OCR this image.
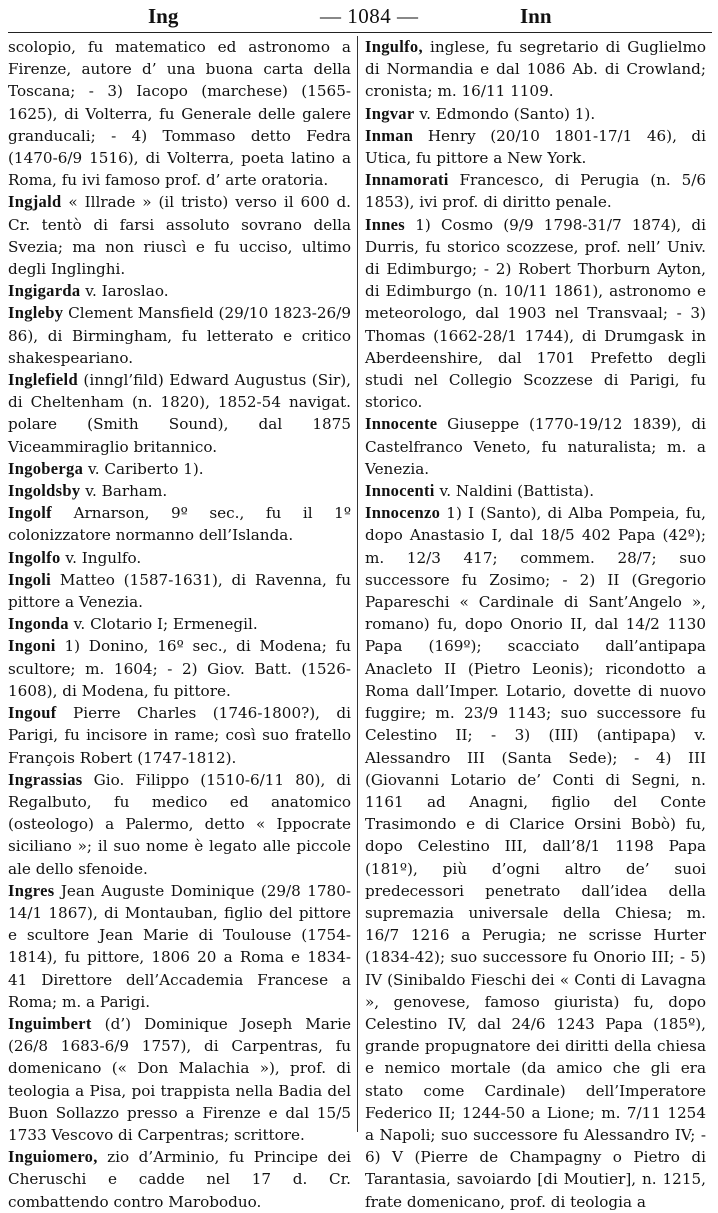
Ing	— 1084 —	Inn

scolopio, fu matematico ed astronomo a Firenze, autore d’ una buona carta della Toscana; - 3) Iacopo (marchese) (1565-1625), di Volterra, fu Generale delle galere granducali; - 4) Tommaso detto Fedra (1470-6/9 1516), di Volterra, poeta latino a Roma, fu ivi famoso prof. d’ arte oratoria.

Ingjald « Illrade » (il tristo) verso il 600 d. Cr. tentò di farsi assoluto sovrano della Svezia; ma non riuscì e fu ucciso, ultimo degli Inglinghi.

Ingigarda v. Iaroslao.

Ingleby Clement Mansfield (29/10 1823-26/9 86), di Birmingham, fu letterato e critico shakespeariano.

Inglefield (inngl’fild) Edward Augustus (Sir), di Cheltenham (n. 1820), 1852-54 navigat. polare (Smith Sound), dal 1875 Viceammiraglio britannico.

Ingoberga v. Cariberto 1).

Ingoldsby v. Barham.

Ingolf Arnarson, 9º sec., fu il 1º colonizzatore normanno dell’Islanda.

Ingolfo v. Ingulfo.

Ingoli Matteo (1587-1631), di Ravenna, fu pittore a Venezia.

Ingonda v. Clotario I; Ermenegil.

Ingoni 1) Donino, 16º sec., di Modena; fu scultore; m. 1604; - 2) Giov. Batt. (1526-1608), di Modena, fu pittore.

Ingouf Pierre Charles (1746-1800?), di Parigi, fu incisore in rame; così suo fratello François Robert (1747-1812).

Ingrassias Gio. Filippo (1510-6/11 80), di Regalbuto, fu medico ed anatomico (osteologo) a Palermo, detto « Ippocrate siciliano »; il suo nome è legato alle piccole ale dello sfenoide.

Ingres Jean Auguste Dominique (29/8 1780-14/1 1867), di Montauban, figlio del pittore e scultore Jean Marie di Toulouse (1754-1814), fu pittore, 1806 20 a Roma e 1834-41 Direttore dell’Accademia Francese a Roma; m. a Parigi.

Inguimbert (d’) Dominique Joseph Marie (26/8 1683-6/9 1757), di Carpentras, fu domenicano (« Don Malachia »), prof. di teologia a Pisa, poi trappista nella Badia del Buon Sollazzo presso a Firenze e dal 15/5 1733 Vescovo di Carpentras; scrittore.

Inguiomero, zio d’Arminio, fu Principe dei Cheruschi e cadde nel 17 d. Cr. combattendo contro Maroboduo.

Ingulfo, inglese, fu segretario di Guglielmo di Normandia e dal 1086 Ab. di Crowland; cronista; m. 16/11 1109.

Ingvar v. Edmondo (Santo) 1).

Inman Henry (20/10 1801-17/1 46), di Utica, fu pittore a New York.

Innamorati Francesco, di Perugia (n. 5/6 1853), ivi prof. di diritto penale.

Innes 1) Cosmo (9/9 1798-31/7 1874), di Durris, fu storico scozzese, prof. nell’ Univ. di Edimburgo; - 2) Robert Thorburn Ayton, di Edimburgo (n. 10/11 1861), astronomo e meteorologo, dal 1903 nel Transvaal; - 3) Thomas (1662-28/1 1744), di Drumgask in Aberdeenshire, dal 1701 Prefetto degli studi nel Collegio Scozzese di Parigi, fu storico.

Innocente Giuseppe (1770-19/12 1839), di Castelfranco Veneto, fu naturalista; m. a Venezia.

Innocenti v. Naldini (Battista).

Innocenzo 1) I (Santo), di Alba Pompeia, fu, dopo Anastasio I, dal 18/5 402 Papa (42º); m. 12/3 417; commem. 28/7; suo successore fu Zosimo; - 2) II (Gregorio Papareschi « Cardinale di Sant’Angelo », romano) fu, dopo Onorio II, dal 14/2 1130 Papa (169º); scacciato dall’antipapa Anacleto II (Pietro Leonis); ricondotto a Roma dall’Imper. Lotario, dovette di nuovo fuggire; m. 23/9 1143; suo successore fu Celestino II; - 3) (III) (antipapa) v. Alessandro III (Santa Sede); - 4) III (Giovanni Lotario de’ Conti di Segni, n. 1161 ad Anagni, figlio del Conte Trasimondo e di Clarice Orsini Bobò) fu, dopo Celestino III, dall’8/1 1198 Papa (181º), più d’ogni altro de’ suoi predecessori penetrato dall’idea della supremazia universale della Chiesa; m. 16/7 1216 a Perugia; ne scrisse Hurter (1834-42); suo successore fu Onorio III; - 5) IV (Sinibaldo Fieschi dei « Conti di Lavagna », genovese, famoso giurista) fu, dopo Celestino IV, dal 24/6 1243 Papa (185º), grande propugnatore dei diritti della chiesa e nemico mortale (da amico che gli era stato come Cardinale) dell’Imperatore Federico II; 1244-50 a Lione; m. 7/11 1254 a Napoli; suo successore fu Alessandro IV; - 6) V (Pierre de Champagny o Pietro di Tarantasia, savoiardo [di Moutier], n. 1215, frate domenicano, prof. di teologia a
